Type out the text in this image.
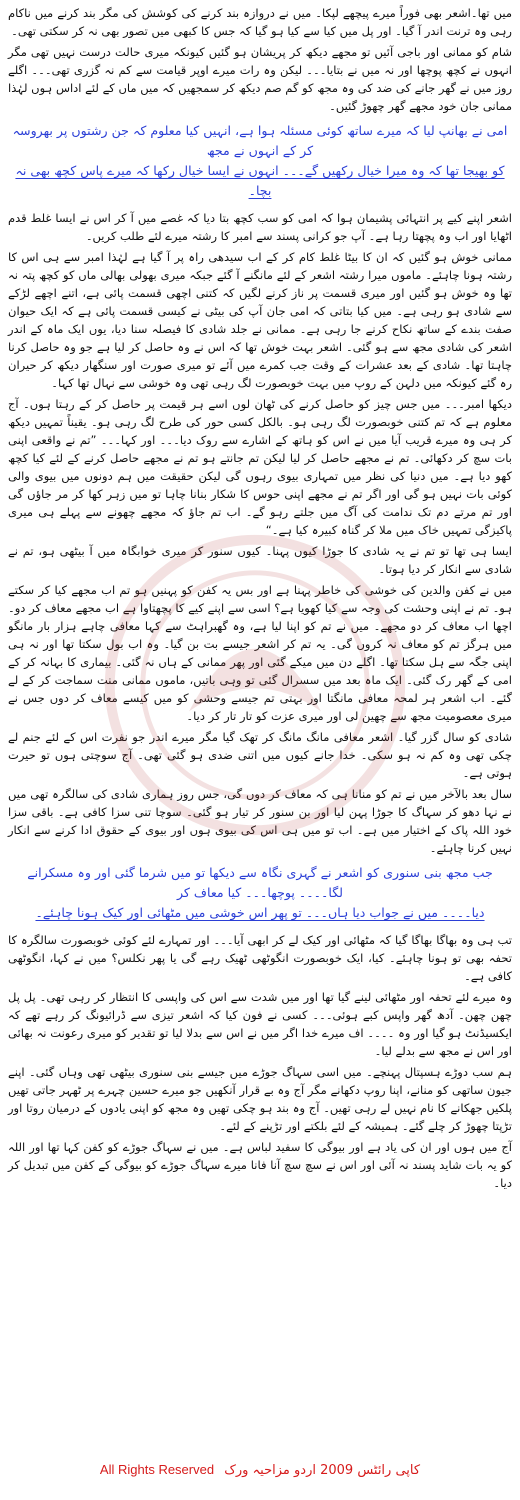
میں تھا۔اشعر بھی فوراً میرے پیچھے لپکا۔ میں نے دروازہ بند کرنے کی کوشش کی مگر بند کرنے میں ناکام رہی وہ ترنت اندر آ گیا۔ اور پل میں کیا سے کیا ہو گیا کہ جس کا کبھی میں تصور بھی نہ کر سکتی تھی۔

شام کو ممانی اور باجی آئیں تو مجھے دیکھ کر پریشان ہو گئیں کیونکہ میری حالت درست نہیں تھی مگر انہوں نے کچھ پوچھا اور نہ میں نے بتایا۔۔۔ لیکن وہ رات میرے اوپر قیامت سے کم نہ گزری تھی۔۔۔ اگلے روز میں نے گھر جانے کی ضد کی وہ مجھ کو گم صم دیکھ کر سمجھیں کہ میں ماں کے لئے اداس ہوں لہٰذا ممانی جان خود مجھے گھر چھوڑ گئیں۔

امی نے بھانپ لیا کہ میرے ساتھ کوئی مسئلہ ہوا ہے، انہیں کیا معلوم کہ جن رشتوں پر بھروسہ کر کے انہوں نے مجھ
کو بھیجا تھا کہ وہ میرا خیال رکھیں گے۔۔۔ انہوں نے ایسا خیال رکھا کہ میرے پاس کچھ بھی نہ بچا۔

اشعر اپنے کیے پر انتہائی پشیمان ہوا کہ امی کو سب کچھ بتا دیا کہ غصے میں آ کر اس نے ایسا غلط قدم اٹھایا اور اب وہ پچھتا رہا ہے۔ آپ جو کرانی پسند سے امبر کا رشتہ میرے لئے طلب کریں۔

ممانی خوش ہو گئیں کہ ان کا بیٹا غلط کام کر کے اب سیدھی راہ پر آ گیا ہے لہٰذا امبر سے ہی اس کا رشتہ ہونا چاہئے۔ ماموں میرا رشتہ اشعر کے لئے مانگنے آ گئے جبکہ میری بھولی بھالی ماں کو کچھ پتہ نہ تھا وہ خوش ہو گئیں اور میری قسمت پر ناز کرنے لگیں کہ کتنی اچھی قسمت پائی ہے، اتنے اچھے لڑکے سے شادی ہو رہی ہے۔ میں کیا بتاتی کہ امی جان آپ کی بیٹی نے کیسی قسمت پائی ہے کہ ایک حیوان صفت بندے کے ساتھ نکاح کرنے جا رہی ہے۔ ممانی نے جلد شادی کا فیصلہ سنا دیا، یوں ایک ماہ کے اندر اشعر کی شادی مجھ سے ہو گئی۔ اشعر بہت خوش تھا کہ اس نے وہ حاصل کر لیا ہے جو وہ حاصل کرنا چاہتا تھا۔ شادی کے بعد عشرات کے وقت جب کمرے میں آئے تو میری صورت اور سنگھار دیکھ کر حیران رہ گئے کیونکہ میں دلہن کے روپ میں بہت خوبصورت لگ رہی تھی وہ خوشی سے نہال تھا کہا۔

دیکھا امبر۔۔۔ میں جس چیز کو حاصل کرنے کی ٹھان لوں اسے ہر قیمت پر حاصل کر کے رہتا ہوں۔ آج معلوم ہے کہ تم کتنی خوبصورت لگ رہی ہو۔ بالکل کسی حور کی طرح لگ رہی ہو۔ یقیناً تمہیں دیکھ کر ہی وہ میرے قریب آیا میں نے اس کو ہاتھ کے اشارے سے روک دیا۔۔۔ اور کہا۔۔۔ ”تم نے واقعی اپنی بات سچ کر دکھائی۔ تم نے مجھے حاصل کر لیا لیکن تم جانتے ہو تم نے مجھے حاصل کرنے کے لئے کیا کچھ کھو دیا ہے۔ میں دنیا کی نظر میں تمہاری بیوی رہوں گی لیکن حقیقت میں ہم دونوں میں بیوی والی کوئی بات نہیں ہو گی اور اگر تم نے مجھے اپنی حوس کا شکار بنانا چاہا تو میں زہر کھا کر مر جاؤں گی اور تم مرتے دم تک ندامت کی آگ میں جلتے رہو گے۔ اب تم جاؤ کہ مجھے چھونے سے پہلے ہی میری پاکیزگی تمہیں خاک میں ملا کر گناہ کبیرہ کیا ہے۔“

ایسا ہی تھا تو تم نے یہ شادی کا جوڑا کیوں پہنا۔ کیوں سنور کر میری خوابگاہ میں آ بیٹھی ہو، تم نے شادی سے انکار کر دیا ہوتا۔

میں نے کفن والدین کی خوشی کی خاطر پہنا ہے اور بس یہ کفن کو پہنیں ہو تم اب مجھے کیا کر سکتے ہو۔ تم نے اپنی وحشت کی وجہ سے کیا کھویا ہے؟ اسی سے اپنے کیے کا پچھتاوا ہے اب مجھے معاف کر دو۔ اچھا اب معاف کر دو مجھے۔ میں نے تم کو اپنا لیا ہے، وہ گھبراہٹ سے کہا معافی چاہے ہزار بار مانگو میں ہرگز تم کو معاف نہ کروں گی۔ یہ تم کر اشعر جیسے بت بن گیا۔ وہ اب بول سکتا تھا اور نہ ہی اپنی جگہ سے ہل سکتا تھا۔ اگلے دن میں میکے گئی اور پھر ممانی کے ہاں نہ گئی۔ بیماری کا بہانہ کر کے امی کے گھر رک گئی۔ ایک ماہ بعد میں سسرال گئی تو وہی باتیں، ماموں ممانی منت سماجت کر کے لے گئے۔ اب اشعر ہر لمحہ معافی مانگتا اور بہتی تم جیسے وحشی کو میں کیسے معاف کر دوں جس نے میری معصومیت مجھ سے چھین لی اور میری عزت کو تار تار کر دیا۔

شادی کو سال گزر گیا۔ اشعر معافی مانگ مانگ کر تھک گیا مگر میرے اندر جو نفرت اس کے لئے جنم لے چکی تھی وہ کم نہ ہو سکی۔ خدا جانے کیوں میں اتنی ضدی ہو گئی تھی۔ آج سوچتی ہوں تو حیرت ہوتی ہے۔

سال بعد بالآخر میں نے تم کو منانا ہی کہ معاف کر دوں گی، جس روز ہماری شادی کی سالگرہ تھی میں نے نہا دھو کر سہاگ کا جوڑا پہن لیا اور بن سنور کر تیار ہو گئی۔ سوچا تنی سزا کافی ہے۔ باقی سزا خود اللہ پاک کے اختیار میں ہے۔ اب تو میں ہی اس کی بیوی ہوں اور بیوی کے حقوق ادا کرنے سے انکار نہیں کرنا چاہئے۔

جب مجھ بنی سنوری کو اشعر نے گہری نگاہ سے دیکھا تو میں شرما گئی اور وہ مسکرانے لگا۔۔۔۔ پوچھا۔۔۔ کیا معاف کر
دیا۔۔۔۔ میں نے جواب دیا ہاں۔۔۔ تو پھر اس خوشی میں مٹھائی اور کیک ہونا چاہئے۔

تب ہی وہ بھاگا بھاگا گیا کہ مٹھائی اور کیک لے کر ابھی آیا۔۔۔ اور تمہارے لئے کوئی خوبصورت سالگرہ کا تحفہ بھی تو ہونا چاہئے۔ کیا، ایک خوبصورت انگوٹھی ٹھیک رہے گی یا پھر نکلس؟ میں نے کہا، انگوٹھی کافی ہے۔

وہ میرے لئے تحفہ اور مٹھائی لینے گیا تھا اور میں شدت سے اس کی واپسی کا انتظار کر رہی تھی۔ پل پل چھن چھن۔ آدھ گھر واپس کبے ہوئی۔۔۔ کسی نے فون کیا کہ اشعر تیزی سے ڈرائیونگ کر رہے تھے کہ ایکسیڈنٹ ہو گیا اور وہ ۔۔۔۔ اف میرے خدا اگر میں نے اس سے بدلا لیا تو تقدیر کو میری رعونت نہ بھائی اور اس نے مجھ سے بدلے لیا۔

ہم سب دوڑے ہسپتال پہنچے۔ میں اسی سہاگ جوڑے میں جیسے بنی سنوری بیٹھی تھی وہاں گئی۔ اپنے جیون ساتھی کو منانے، اپنا روپ دکھانے مگر آج وہ بے قرار آنکھیں جو میرے حسین چہرے پر ٹھہر جاتی تھیں پلکیں جھکانے کا نام نہیں لے رہی تھیں۔ آج وہ بند ہو چکی تھیں وہ مجھ کو اپنی یادوں کے درمیان روتا اور تڑپتا چھوڑ کر چلے گئے۔ ہمیشہ کے لئے بلکتے اور تڑپنے کے لئے۔

آج میں ہوں اور ان کی یاد ہے اور بیوگی کا سفید لباس ہے۔ میں نے سہاگ جوڑے کو کفن کہا تھا اور اللہ کو یہ بات شاید پسند نہ آئی اور اس نے سچ سچ آنا فانا میرے سہاگ جوڑے کو بیوگی کے کفن میں تبدیل کر دیا۔

All Rights Reserved کاپی رائٹس 2009 اردو مزاحیہ ورک
